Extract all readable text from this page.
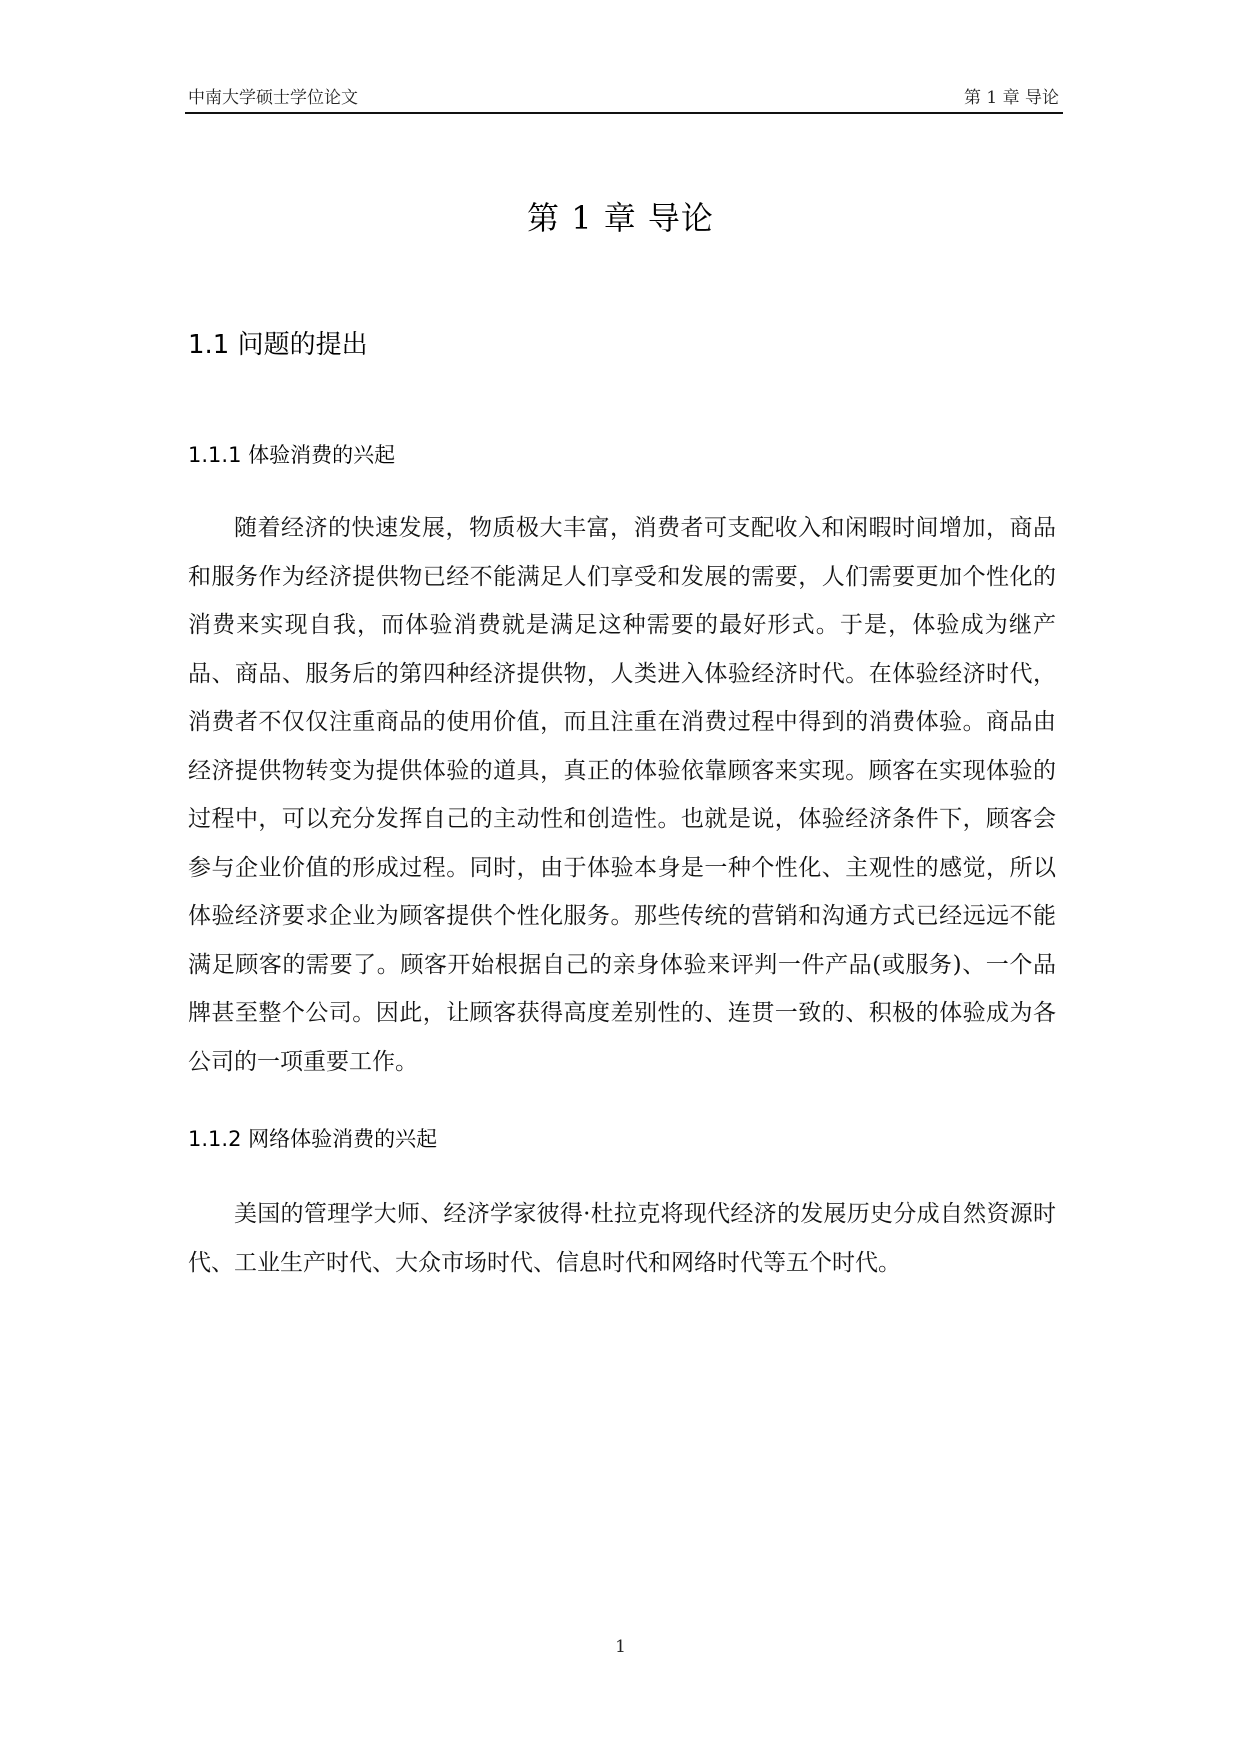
中南大学硕士学位论文	第 1 章 导论
第 1 章 导论
1.1 问题的提出
1.1.1 体验消费的兴起

随着经济的快速发展，物质极大丰富，消费者可支配收入和闲暇时间增加，商品和服务作为经济提供物已经不能满足人们享受和发展的需要，人们需要更加个性化的消费来实现自我，而体验消费就是满足这种需要的最好形式。于是，体验成为继产品、商品、服务后的第四种经济提供物，人类进入体验经济时代。在体验经济时代，消费者不仅仅注重商品的使用价值，而且注重在消费过程中得到的消费体验。商品由经济提供物转变为提供体验的道具，真正的体验依靠顾客来实现。顾客在实现体验的过程中，可以充分发挥自己的主动性和创造性。也就是说，体验经济条件下，顾客会参与企业价值的形成过程。同时，由于体验本身是一种个性化、主观性的感觉，所以体验经济要求企业为顾客提供个性化服务。那些传统的营销和沟通方式已经远远不能满足顾客的需要了。顾客开始根据自己的亲身体验来评判一件产品(或服务)、一个品牌甚至整个公司。因此，让顾客获得高度差别性的、连贯一致的、积极的体验成为各公司的一项重要工作。

1.1.2 网络体验消费的兴起

美国的管理学大师、经济学家彼得·杜拉克将现代经济的发展历史分成自然资源时代、工业生产时代、大众市场时代、信息时代和网络时代等五个时代。

1
